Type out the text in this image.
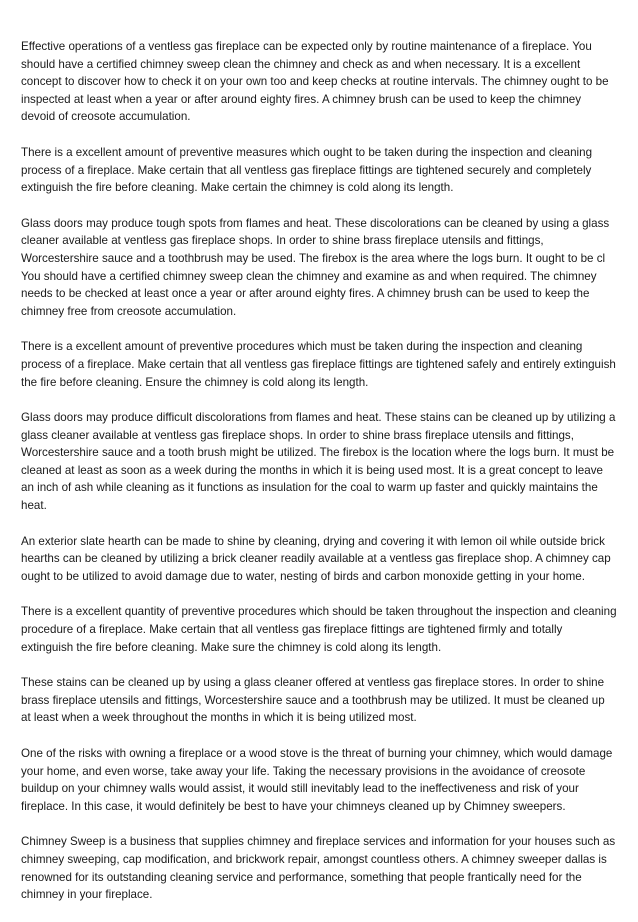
Effective operations of a ventless gas fireplace can be expected only by routine maintenance of a fireplace. You should have a certified chimney sweep clean the chimney and check as and when necessary. It is a excellent concept to discover how to check it on your own too and keep checks at routine intervals. The chimney ought to be inspected at least when a year or after around eighty fires. A chimney brush can be used to keep the chimney devoid of creosote accumulation.

There is a excellent amount of preventive measures which ought to be taken during the inspection and cleaning process of a fireplace. Make certain that all ventless gas fireplace fittings are tightened securely and completely extinguish the fire before cleaning. Make certain the chimney is cold along its length.

Glass doors may produce tough spots from flames and heat. These discolorations can be cleaned by using a glass cleaner available at ventless gas fireplace shops. In order to shine brass fireplace utensils and fittings, Worcestershire sauce and a toothbrush may be used. The firebox is the area where the logs burn. It ought to be cl You should have a certified chimney sweep clean the chimney and examine as and when required. The chimney needs to be checked at least once a year or after around eighty fires. A chimney brush can be used to keep the chimney free from creosote accumulation.

There is a excellent amount of preventive procedures which must be taken during the inspection and cleaning process of a fireplace. Make certain that all ventless gas fireplace fittings are tightened safely and entirely extinguish the fire before cleaning. Ensure the chimney is cold along its length.

Glass doors may produce difficult discolorations from flames and heat. These stains can be cleaned up by utilizing a glass cleaner available at ventless gas fireplace shops. In order to shine brass fireplace utensils and fittings, Worcestershire sauce and a tooth brush might be utilized. The firebox is the location where the logs burn. It must be cleaned at least as soon as a week during the months in which it is being used most. It is a great concept to leave an inch of ash while cleaning as it functions as insulation for the coal to warm up faster and quickly maintains the heat.

An exterior slate hearth can be made to shine by cleaning, drying and covering it with lemon oil while outside brick hearths can be cleaned by utilizing a brick cleaner readily available at a ventless gas fireplace shop. A chimney cap ought to be utilized to avoid damage due to water, nesting of birds and carbon monoxide getting in your home.

There is a excellent quantity of preventive procedures which should be taken throughout the inspection and cleaning procedure of a fireplace. Make certain that all ventless gas fireplace fittings are tightened firmly and totally extinguish the fire before cleaning. Make sure the chimney is cold along its length.

These stains can be cleaned up by using a glass cleaner offered at ventless gas fireplace stores. In order to shine brass fireplace utensils and fittings, Worcestershire sauce and a toothbrush may be utilized. It must be cleaned up at least when a week throughout the months in which it is being utilized most.

One of the risks with owning a fireplace or a wood stove is the threat of burning your chimney, which would damage your home, and even worse, take away your life. Taking the necessary provisions in the avoidance of creosote buildup on your chimney walls would assist, it would still inevitably lead to the ineffectiveness and risk of your fireplace. In this case, it would definitely be best to have your chimneys cleaned up by Chimney sweepers.

Chimney Sweep is a business that supplies chimney and fireplace services and information for your houses such as chimney sweeping, cap modification, and brickwork repair, amongst countless others. A chimney sweeper dallas is renowned for its outstanding cleaning service and performance, something that people frantically need for the chimney in your fireplace.
